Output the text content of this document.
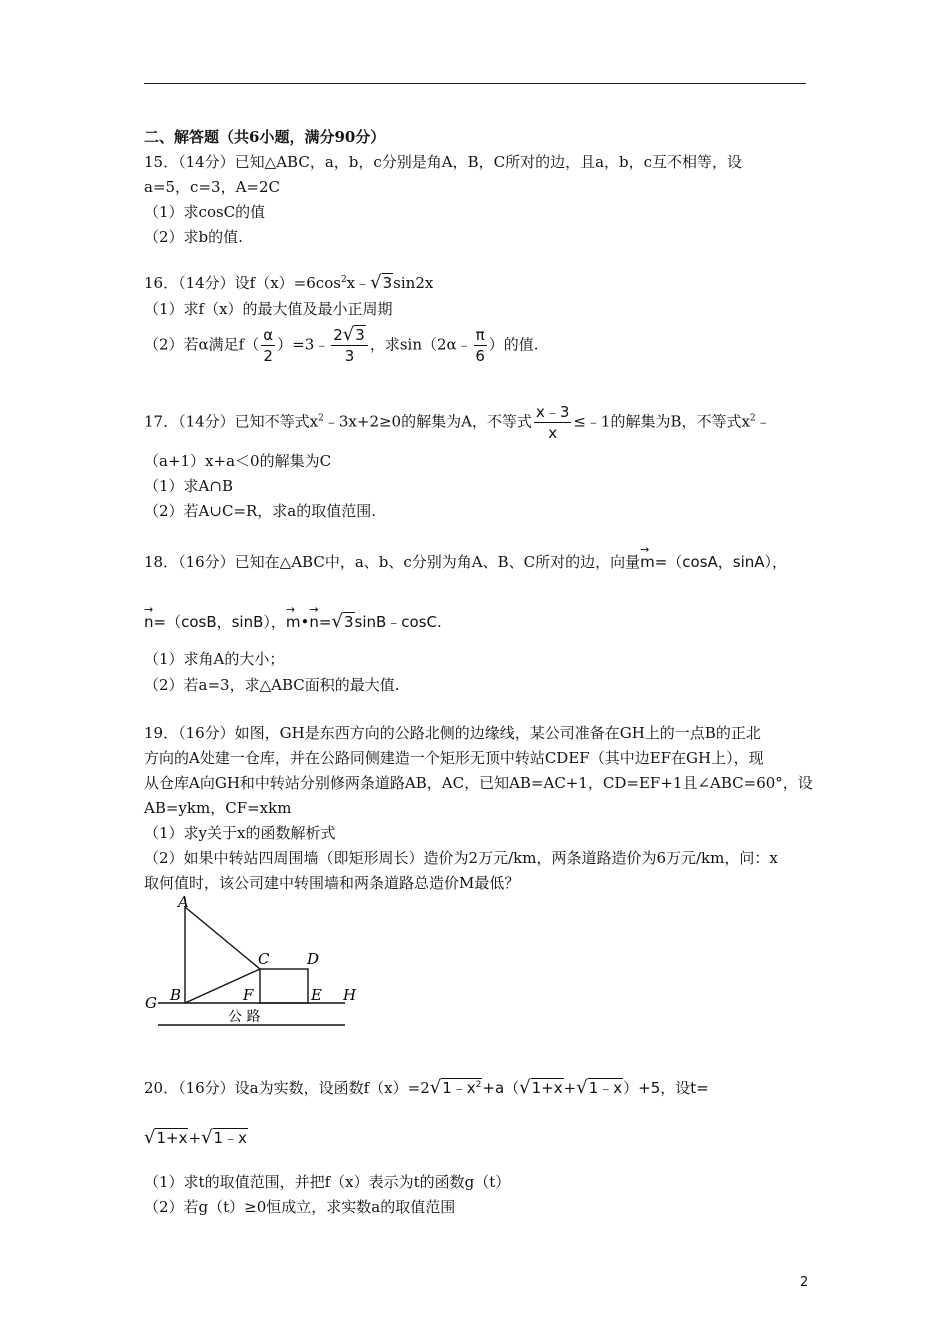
二、解答题（共6小题，满分90分）
15．（14分）已知△ABC，a，b，c分别是角A，B，C所对的边，且a，b，c互不相等，设
a=5，c=3，A=2C
（1）求cosC的值
（2）求b的值.
16．（14分）设$f(x)=6\cos^2x﹣√3\sin 2x$
（1）求f（x）的最大值及最小正周期
（2）若α满足$f( \frac{\alpha}{2}$ ）=3﹣ $\frac{2√3}{3}$ ，求sin（2α﹣ $\frac{\pi}{6}$ ）的值.
17．（14分）已知不等式$x^2﹣3x+2\ge 0$的解集为A，不等式 $\frac{x﹣3}{x}$ ≤﹣1的解集为B，不等式$x^2﹣$
（a+1）x+a＜0的解集为C
（1）求A∩B
（2）若A∪C=R，求a的取值范围.
18．（16分）已知在△ABC中，a、b、c分别为角A、B、C所对的边，向量→ m=（cosA，sinA），
→ n=（cosB，sinB），→ m•→ n=√3sinB﹣cosC.
（1）求角A的大小；
（2）若a=3，求△ABC面积的最大值.
19．（16分）如图，GH是东西方向的公路北侧的边缘线，某公司准备在GH上的一点B的正北
方向的A处建一仓库，并在公路同侧建造一个矩形无顶中转站CDEF（其中边EF在GH上），现
从仓库A向GH和中转站分别修两条道路AB，AC，已知AB=AC+1，CD=EF+1且∠ABC=60°，设
AB=ykm，CF=xkm
（1）求y关于x的函数解析式
（2）如果中转站四周围墙（即矩形周长）造价为2万元/km，两条道路造价为6万元/km，问：x
取何值时，该公司建中转围墙和两条道路总造价M最低？
A
B
C	D
E
F
G	H
公 路
20．（16分）设a为实数，设函数$f(x)=2√1﹣x^2+a(√1+x+√1﹣x)+5$，设t=
√1+x+√1﹣x
（1）求t的取值范围，并把f（x）表示为t的函数g（t）
（2）若g（t）≥0恒成立，求实数a的取值范围
2
